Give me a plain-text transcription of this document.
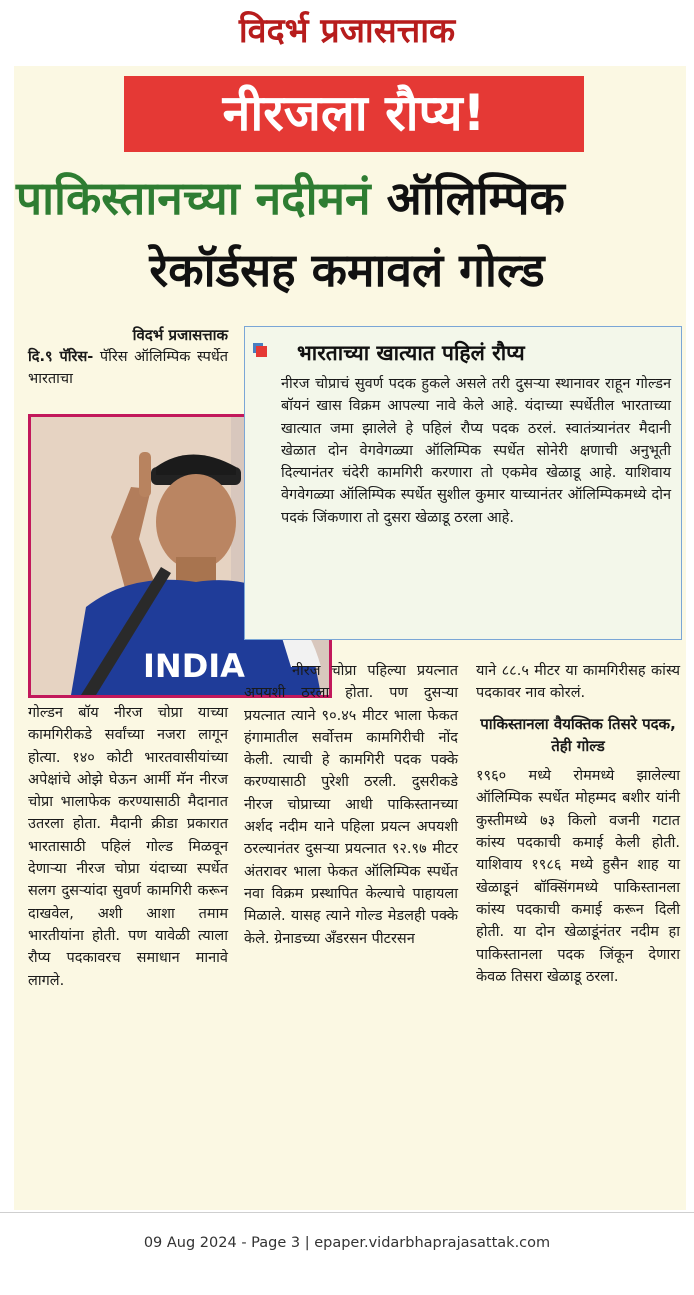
विदर्भ प्रजासत्ताक
नीरजला रौप्य!
पाकिस्तानच्या नदीमनं ऑलिम्पिक
रेकॉर्डसह कमावलं गोल्ड
विदर्भ प्रजासत्ताक
दि.९ पॅरिस- पॅरिस ऑलिम्पिक स्पर्धेत भारताचा
INDIA
भारताच्या खात्यात पहिलं रौप्य
नीरज चोप्राचं सुवर्ण पदक हुकले असले तरी दुसऱ्या स्थानावर राहून गोल्डन बॉयनं खास विक्रम आपल्या नावे केले आहे. यंदाच्या स्पर्धेतील भारताच्या खात्यात जमा झालेले हे पहिलं रौप्य पदक ठरलं. स्वातंत्र्यानंतर मैदानी खेळात दोन वेगवेगळ्या ऑलिम्पिक स्पर्धेत सोनेरी क्षणाची अनुभूती दिल्यानंतर चंदेरी कामगिरी करणारा तो एकमेव खेळाडू आहे. याशिवाय वेगवेगळ्या ऑलिम्पिक स्पर्धेत सुशील कुमार याच्यानंतर ऑलिम्पिकमध्ये दोन पदकं जिंकणारा तो दुसरा खेळाडू ठरला आहे.
गोल्डन बॉय नीरज चोप्रा याच्या कामगिरीकडे सर्वांच्या नजरा लागून होत्या. १४० कोटी भारतवासीयांच्या अपेक्षांचे ओझे घेऊन आर्मी मॅन नीरज चोप्रा भालाफेक करण्यासाठी मैदानात उतरला होता. मैदानी क्रीडा प्रकारात भारतासाठी पहिलं गोल्ड मिळवून देणाऱ्या नीरज चोप्रा यंदाच्या स्पर्धेत सलग दुसऱ्यांदा सुवर्ण कामगिरी करून दाखवेल, अशी आशा तमाम भारतीयांना होती. पण यावेळी त्याला रौप्य पदकावरच समाधान मानावे लागले.
नीरज चोप्रा पहिल्या प्रयत्नात अपयशी ठरला होता. पण दुसऱ्या प्रयत्नात त्याने ९०.४५ मीटर भाला फेकत हंगामातील सर्वोत्तम कामगिरीची नोंद केली. त्याची हे कामगिरी पदक पक्के करण्यासाठी पुरेशी ठरली. दुसरीकडे नीरज चोप्राच्या आधी पाकिस्तानच्या अर्शद नदीम याने पहिला प्रयत्न अपयशी ठरल्यानंतर दुसऱ्या प्रयत्नात ९२.९७ मीटर अंतरावर भाला फेकत ऑलिम्पिक स्पर्धेत नवा विक्रम प्रस्थापित केल्याचे पाहायला मिळाले. यासह त्याने गोल्ड मेडलही पक्के केले. ग्रेनाडच्या अँडरसन पीटरसन
याने ८८.५ मीटर या कामगिरीसह कांस्य पदकावर नाव कोरलं.
पाकिस्तानला वैयक्तिक तिसरे पदक, तेही गोल्ड
१९६० मध्ये रोममध्ये झालेल्या ऑलिम्पिक स्पर्धेत मोहम्मद बशीर यांनी कुस्तीमध्ये ७३ किलो वजनी गटात कांस्य पदकाची कमाई केली होती. याशिवाय १९८६ मध्ये हुसैन शाह या खेळाडूनं बॉक्सिंगमध्ये पाकिस्तानला कांस्य पदकाची कमाई करून दिली होती. या दोन खेळाडूंनंतर नदीम हा पाकिस्तानला पदक जिंकून देणारा केवळ तिसरा खेळाडू ठरला.
09 Aug 2024 - Page 3 | epaper.vidarbhaprajasattak.com
